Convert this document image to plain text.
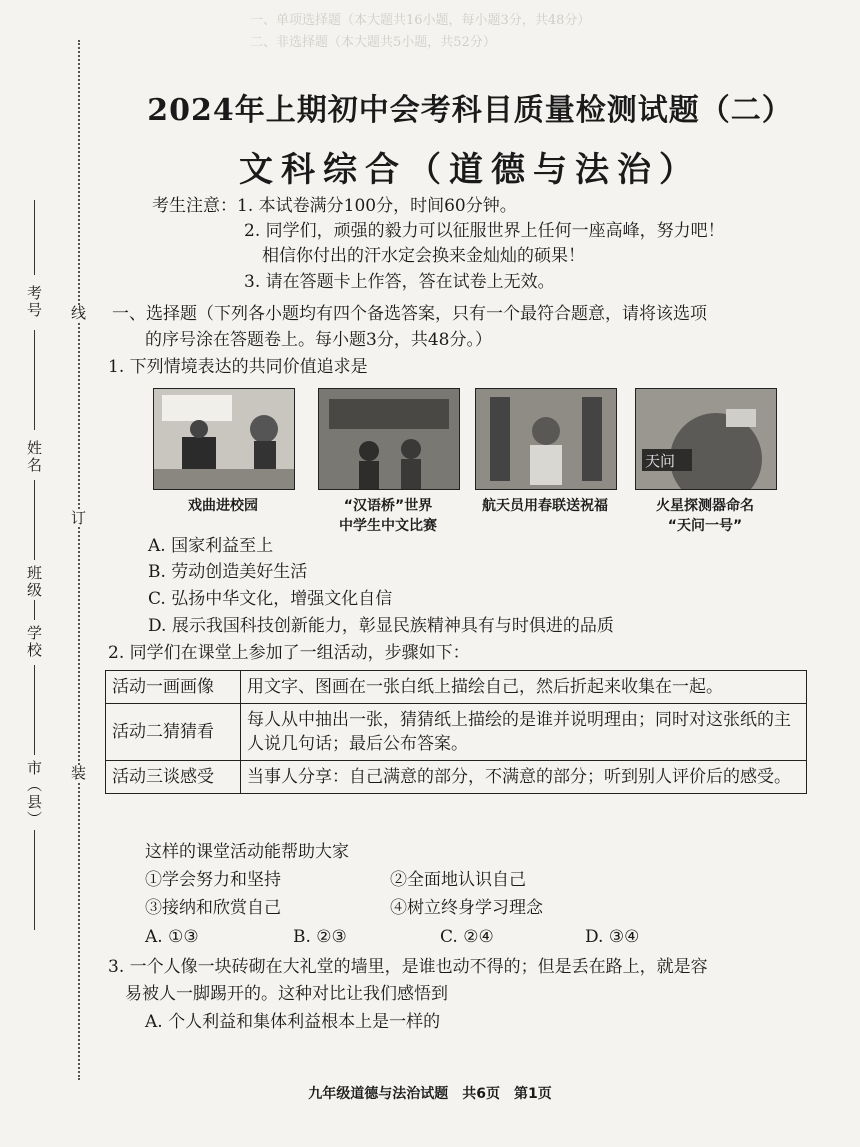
一、单项选择题（本大题共16小题，每小题3分，共48分）
二、非选择题（本大题共5小题，共52分）
考号 线
姓名
订
班级
学校
装
市（县）
2024年上期初中会考科目质量检测试题（二）
文科综合（道德与法治）
考生注意：1. 本试卷满分100分，时间60分钟。
2. 同学们，顽强的毅力可以征服世界上任何一座高峰，努力吧！
相信你付出的汗水定会换来金灿灿的硕果！
3. 请在答题卡上作答，答在试卷上无效。
一、选择题（下列各小题均有四个备选答案，只有一个最符合题意，请将该选项
的序号涂在答题卷上。每小题3分，共48分。）
1. 下列情境表达的共同价值追求是
天问
戏曲进校园	“汉语桥”世界
中学生中文比赛
航天员用春联送祝福	火星探测器命名
“天问一号”
A. 国家利益至上
B. 劳动创造美好生活
C. 弘扬中华文化，增强文化自信
D. 展示我国科技创新能力，彰显民族精神具有与时俱进的品质
2. 同学们在课堂上参加了一组活动，步骤如下：
活动一画画像	用文字、图画在一张白纸上描绘自己，然后折起来收集在一起。
活动二猜猜看	每人从中抽出一张，猜猜纸上描绘的是谁并说明理由；同时对这张纸的主人说几句话；最后公布答案。
活动三谈感受	当事人分享：自己满意的部分，不满意的部分；听到别人评价后的感受。
这样的课堂活动能帮助大家
①学会努力和坚持	②全面地认识自己
③接纳和欣赏自己	④树立终身学习理念
A. ①③	B. ②③	C. ②④	D. ③④
3. 一个人像一块砖砌在大礼堂的墙里，是谁也动不得的；但是丢在路上，就是容
易被人一脚踢开的。这种对比让我们感悟到
A. 个人利益和集体利益根本上是一样的
九年级道德与法治试题　共6页　第1页
